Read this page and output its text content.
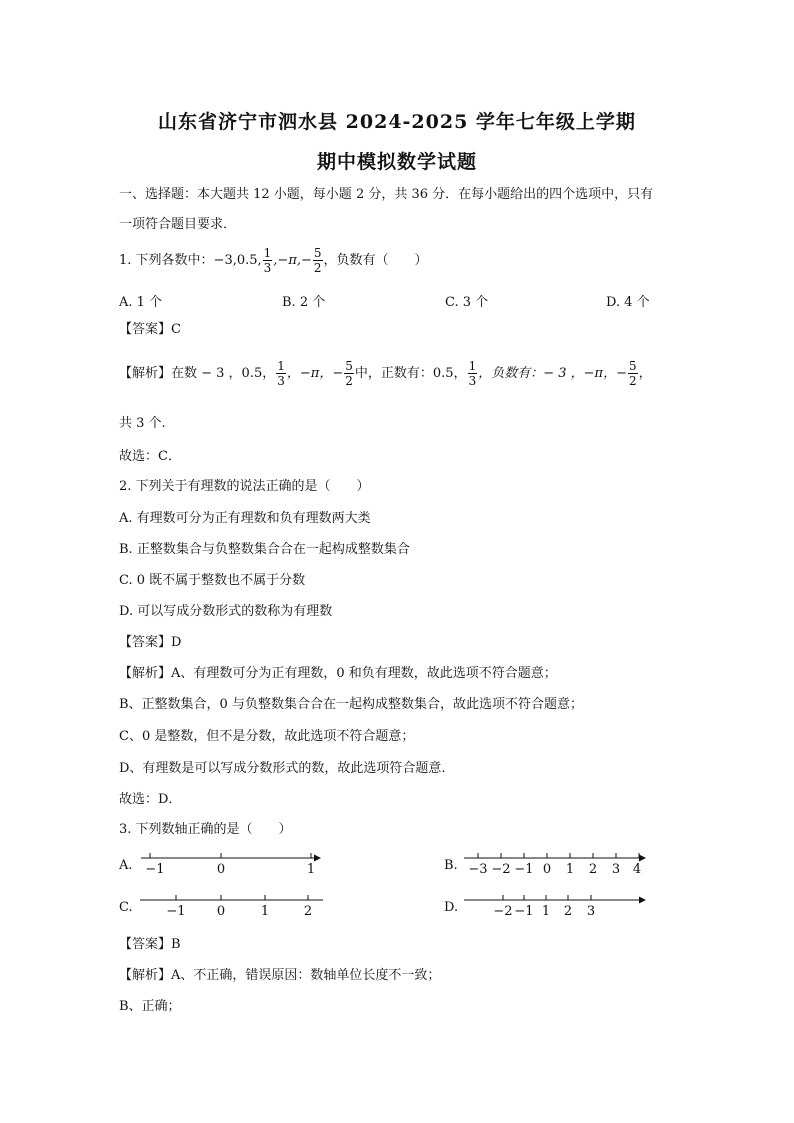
山东省济宁市泗水县 2024-2025 学年七年级上学期
期中模拟数学试题
一、选择题：本大题共 12 小题，每小题 2 分，共 36 分．在每小题给出的四个选项中，只有
一项符合题目要求．
1. 下列各数中：−3,0.5, $\frac{1}{3} ,-\pi,- \frac{5}{2}$ ，负数有（　　）
A. 1 个	B. 2 个	C. 3 个	D. 4 个
【答案】C
【解析】在数 − 3 ，0.5， $\frac{1}{3}$ ，−π，− $\frac{5}{2}$ 中，正数有：0.5， $\frac{1}{3}$ ，负数有：− 3 ，−π，− $\frac{5}{2}$ ，
共 3 个.
故选：C．
2. 下列关于有理数的说法正确的是（　　）
A. 有理数可分为正有理数和负有理数两大类
B. 正整数集合与负整数集合合在一起构成整数集合
C. 0 既不属于整数也不属于分数
D. 可以写成分数形式的数称为有理数
【答案】D
【解析】A、有理数可分为正有理数，0 和负有理数，故此选项不符合题意；
B、正整数集合，0 与负整数集合合在一起构成整数集合，故此选项不符合题意；
C、0 是整数，但不是分数，故此选项不符合题意；
D、有理数是可以写成分数形式的数，故此选项符合题意.
故选：D．
3. 下列数轴正确的是（　　）
A.	B.
C.	D.
−1	0	1	−3 −2 −1 0 1 2 3 4
−1 0	1	2	−2 −1 1 2 3
【答案】B
【解析】A、不正确，错误原因：数轴单位长度不一致；
B、正确；
